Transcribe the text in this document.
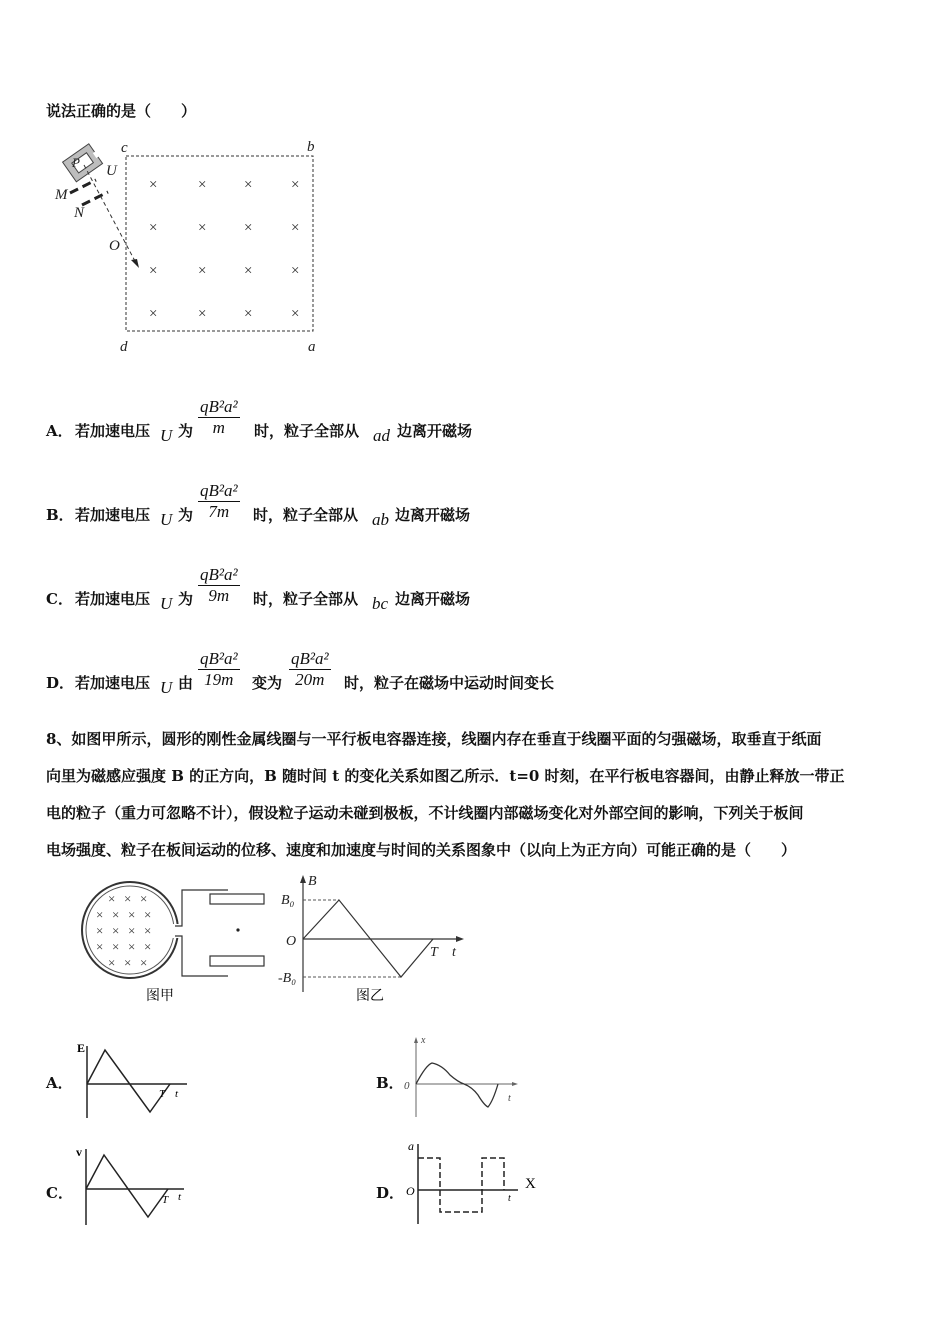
说法正确的是（　　）
×	×	×	×
×	×	×	×
×	×	×	×
×	×	×	×
c	b
d	a
O
U
M
N
P
A． 若加速电压 U 为 $\frac{\text{qB²a²}}{m}$ 时，粒子全部从 ad 边离开磁场
B． 若加速电压 U 为 $\frac{\text{qB²a²}}{7m}$ 时，粒子全部从 ab 边离开磁场
C． 若加速电压 U 为 $\frac{\text{qB²a²}}{9m}$ 时，粒子全部从 bc 边离开磁场
D． 若加速电压 U 由 $\frac{\text{qB²a²}}{19m}$ 变为 $\frac{\text{qB²a²}}{20m}$ 时，粒子在磁场中运动时间变长
8、如图甲所示，圆形的刚性金属线圈与一平行板电容器连接，线圈内存在垂直于线圈平面的匀强磁场，取垂直于纸面
向里为磁感应强度 B 的正方向，B 随时间 t 的变化关系如图乙所示．t=0 时刻，在平行板电容器间，由静止释放一带正
电的粒子（重力可忽略不计），假设粒子运动未碰到极板，不计线圈内部磁场变化对外部空间的影响，下列关于板间
电场强度、粒子在板间运动的位移、速度和加速度与时间的关系图象中（以向上为正方向）可能正确的是（　　）
× × ×
× × × ×
× × × ×
× × × ×
× × ×
图甲
B
B₀
O
-B₀
T t
图乙
A．
E
T t
B．
x
0
t
C．
v
T t	D．
a
O
t
X
